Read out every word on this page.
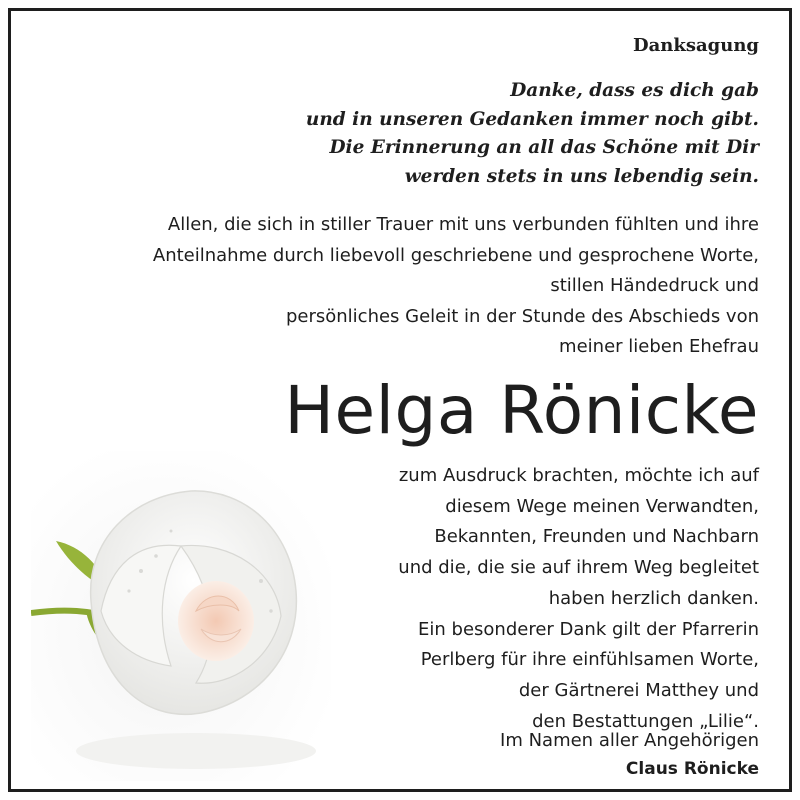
Danksagung
Danke, dass es dich gab
und in unseren Gedanken immer noch gibt.
Die Erinnerung an all das Schöne mit Dir
werden stets in uns lebendig sein.
Allen, die sich in stiller Trauer mit uns verbunden fühlten und ihre
Anteilnahme durch liebevoll geschriebene und gesprochene Worte,
stillen Händedruck und
persönliches Geleit in der Stunde des Abschieds von
meiner lieben Ehefrau
Helga Rönicke
zum Ausdruck brachten, möchte ich auf
diesem Wege meinen Verwandten,
Bekannten, Freunden und Nachbarn
und die, die sie auf ihrem Weg begleitet
haben herzlich danken.
Ein besonderer Dank gilt der Pfarrerin
Perlberg für ihre einfühlsamen Worte,
der Gärtnerei Matthey und
den Bestattungen „Lilie“.
Im Namen aller Angehörigen
Claus Rönicke
